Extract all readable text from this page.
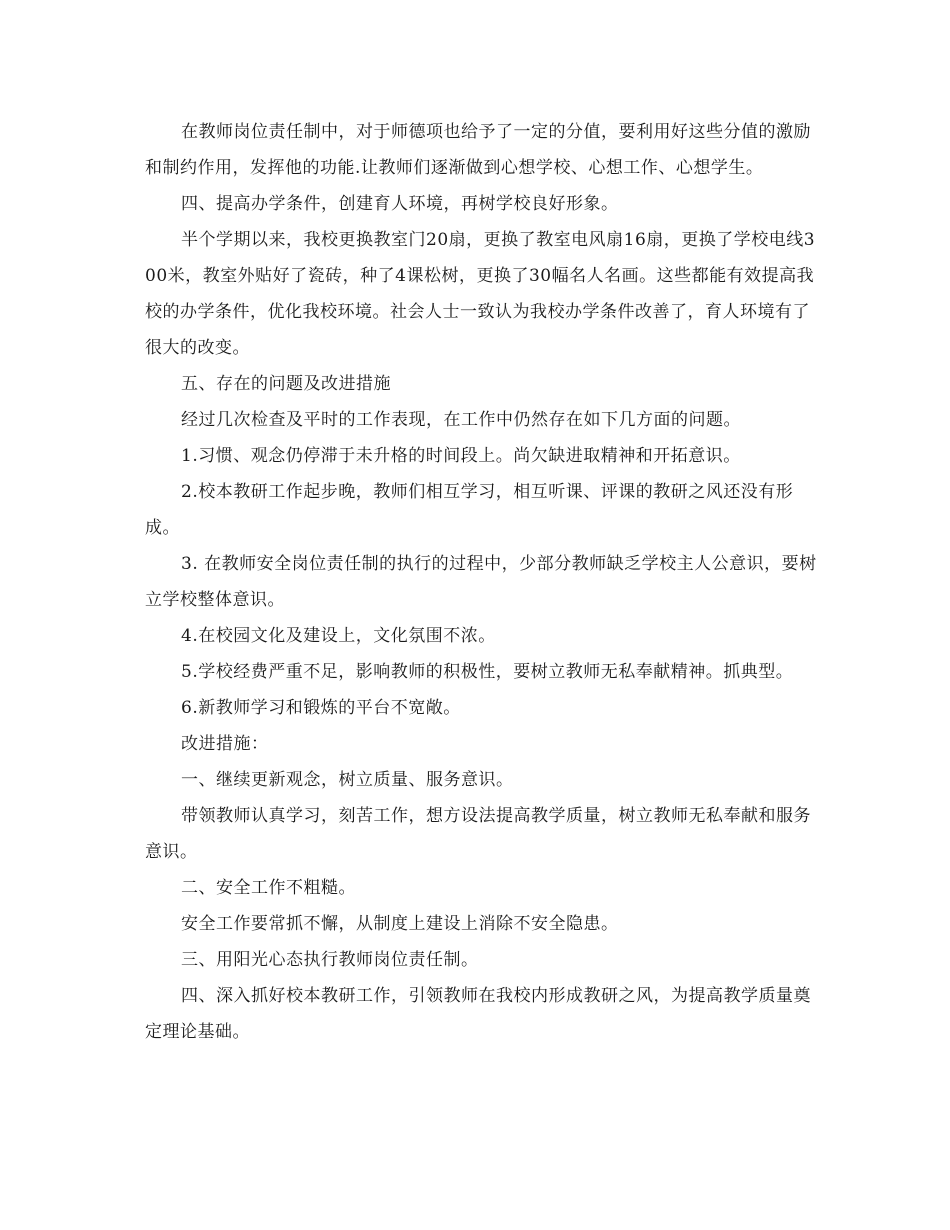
在教师岗位责任制中，对于师德项也给予了一定的分值，要利用好这些分值的激励和制约作用，发挥他的功能.让教师们逐渐做到心想学校、心想工作、心想学生。

四、提高办学条件，创建育人环境，再树学校良好形象。

半个学期以来，我校更换教室门20扇，更换了教室电风扇16扇，更换了学校电线300米，教室外贴好了瓷砖，种了4课松树，更换了30幅名人名画。这些都能有效提高我校的办学条件，优化我校环境。社会人士一致认为我校办学条件改善了，育人环境有了很大的改变。

五、存在的问题及改进措施

经过几次检查及平时的工作表现，在工作中仍然存在如下几方面的问题。

1.习惯、观念仍停滞于未升格的时间段上。尚欠缺进取精神和开拓意识。

2.校本教研工作起步晚，教师们相互学习，相互听课、评课的教研之风还没有形成。

3. 在教师安全岗位责任制的执行的过程中，少部分教师缺乏学校主人公意识，要树立学校整体意识。

4.在校园文化及建设上，文化氛围不浓。

5.学校经费严重不足，影响教师的积极性，要树立教师无私奉献精神。抓典型。

6.新教师学习和锻炼的平台不宽敞。

改进措施：

一、继续更新观念，树立质量、服务意识。

带领教师认真学习，刻苦工作，想方设法提高教学质量，树立教师无私奉献和服务意识。

二、安全工作不粗糙。

安全工作要常抓不懈，从制度上建设上消除不安全隐患。

三、用阳光心态执行教师岗位责任制。

四、深入抓好校本教研工作，引领教师在我校内形成教研之风，为提高教学质量奠定理论基础。
